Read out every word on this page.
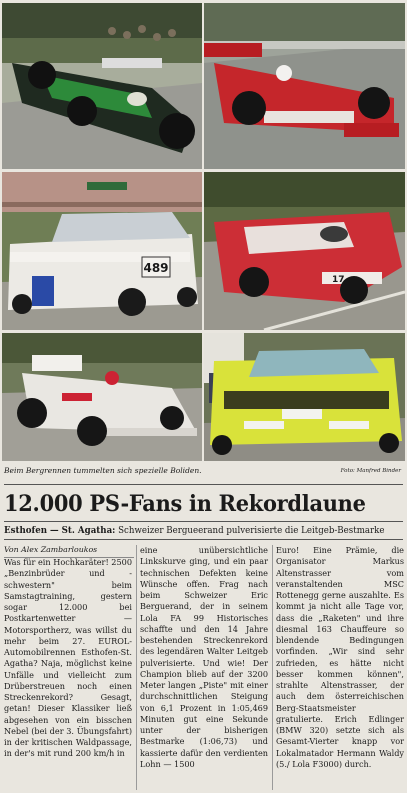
489
17
Beim Bergrennen tummelten sich spezielle Boliden.	Foto: Manfred Binder
12.000 PS-Fans in Rekordlaune
Esthofen — St. Agatha: Schweizer Bergueerand pulverisierte die Leitgeb-Bestmarke
Von Alex Zambarloukos

Was für ein Hochkaräter! 2500 „Benzinbrüder und -schwestern" beim Samstagtraining, gestern sogar 12.000 bei Postkartenwetter — Motorsportherz, was willst du mehr beim 27. EUROL-Automobilrennen Esthofen-St. Agatha? Naja, möglichst keine Unfälle und vielleicht zum Drüberstreuen noch einen Streckenrekord? Gesagt, getan! Dieser Klassiker ließ abgesehen von ein bisschen Nebel (bei der 3. Übungsfahrt) in der kritischen Waldpassage, in der's mit rund 200 km/h in

eine unübersichtliche Linkskurve ging, und ein paar technischen Defekten keine Wünsche offen. Frag nach beim Schweizer Eric Berguerand, der in seinem Lola FA 99 Historisches schaffte und den 14 Jahre bestehenden Streckenrekord des legendären Walter Leitgeb pulverisierte. Und wie! Der Champion blieb auf der 3200 Meter langen „Piste" mit einer durchschnittlichen Steigung von 6,1 Prozent in 1:05,469 Minuten gut eine Sekunde unter der bisherigen Bestmarke (1:06,73) und kassierte dafür den verdienten Lohn — 1500

Euro! Eine Prämie, die Organisator Markus Altenstrasser vom veranstaltenden MSC Rottenegg gerne auszahlte. Es kommt ja nicht alle Tage vor, dass die „Raketen" und ihre diesmal 163 Chauffeure so blendende Bedingungen vorfinden. „Wir sind sehr zufrieden, es hätte nicht besser kommen können", strahlte Altenstrasser, der auch dem österreichischen Berg-Staatsmeister gratulierte. Erich Edlinger (BMW 320) setzte sich als Gesamt-Vierter knapp vor Lokalmatador Hermann Waldy (5./ Lola F3000) durch.
